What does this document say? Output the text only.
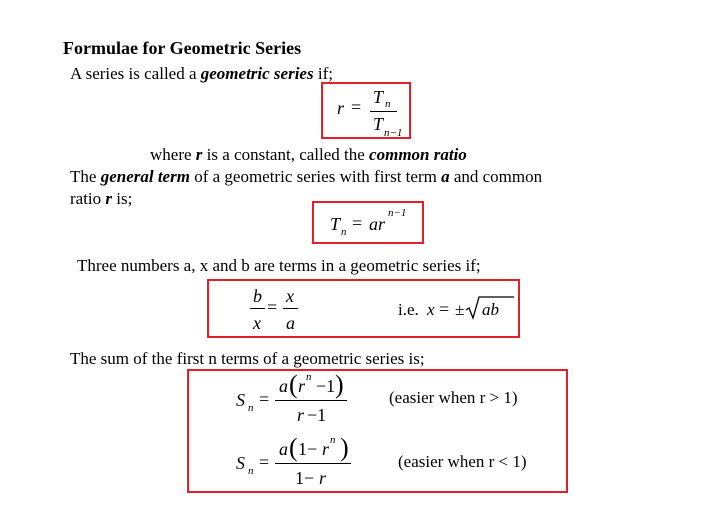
Formulae for Geometric Series
A series is called a geometric series if;
r = T n
T n−1
where r is a constant, called the common ratio
The general term of a geometric series with first term a and common
ratio r is;
T n = ar
n−1
Three numbers a, x and b are terms in a geometric series if;
b x
=
x a
i.e. x = ± ab
The sum of the first n terms of a geometric series is;
S n =
a ( r n −1 )
r −1
(easier when r > 1)
S n =
a ( 1− r n )
1− r
(easier when r < 1)
